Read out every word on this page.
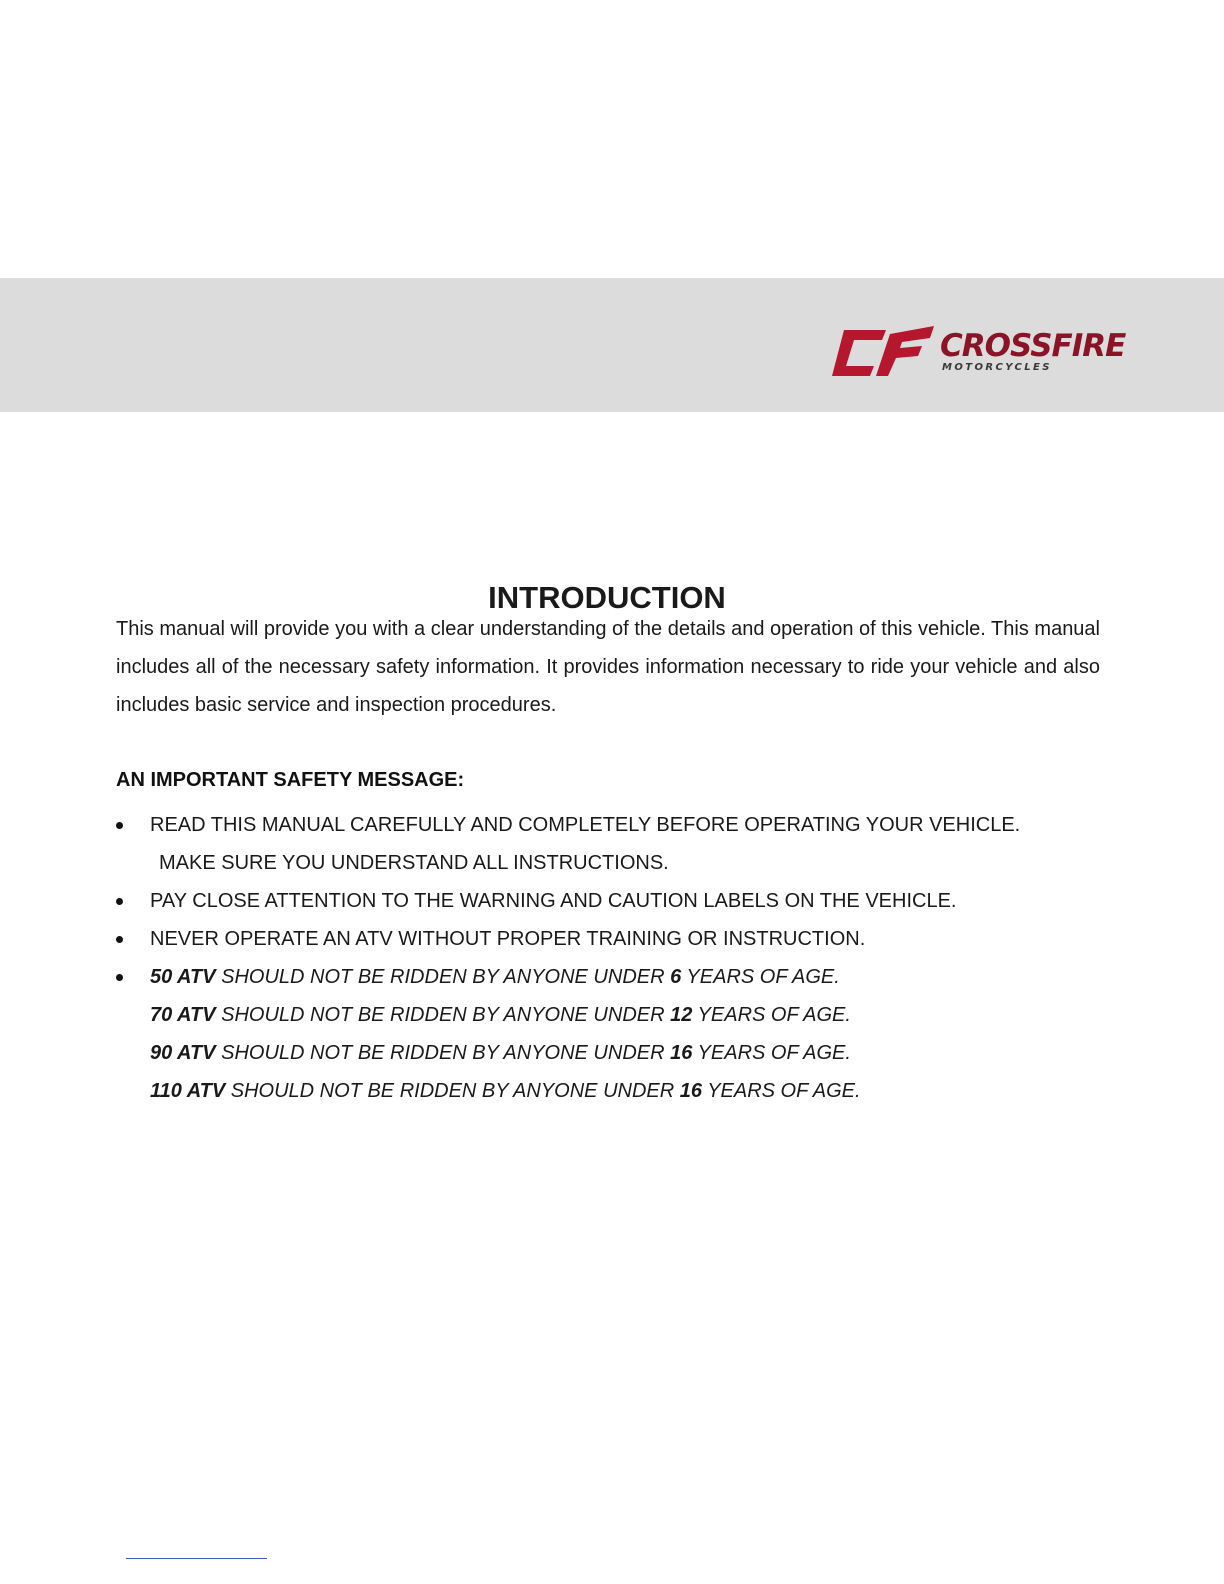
CROSSFIRE
MOTORCYCLES
INTRODUCTION

This manual will provide you with a clear understanding of the details and operation of this vehicle. This manual includes all of the necessary safety information. It provides information necessary to ride your vehicle and also includes basic service and inspection procedures.

AN IMPORTANT SAFETY MESSAGE:
READ THIS MANUAL CAREFULLY AND COMPLETELY BEFORE OPERATING YOUR VEHICLE.
MAKE SURE YOU UNDERSTAND ALL INSTRUCTIONS.
PAY CLOSE ATTENTION TO THE WARNING AND CAUTION LABELS ON THE VEHICLE.
NEVER OPERATE AN ATV WITHOUT PROPER TRAINING OR INSTRUCTION.
50 ATV SHOULD NOT BE RIDDEN BY ANYONE UNDER 6 YEARS OF AGE.
70 ATV SHOULD NOT BE RIDDEN BY ANYONE UNDER 12 YEARS OF AGE.
90 ATV SHOULD NOT BE RIDDEN BY ANYONE UNDER 16 YEARS OF AGE.
110 ATV SHOULD NOT BE RIDDEN BY ANYONE UNDER 16 YEARS OF AGE.
